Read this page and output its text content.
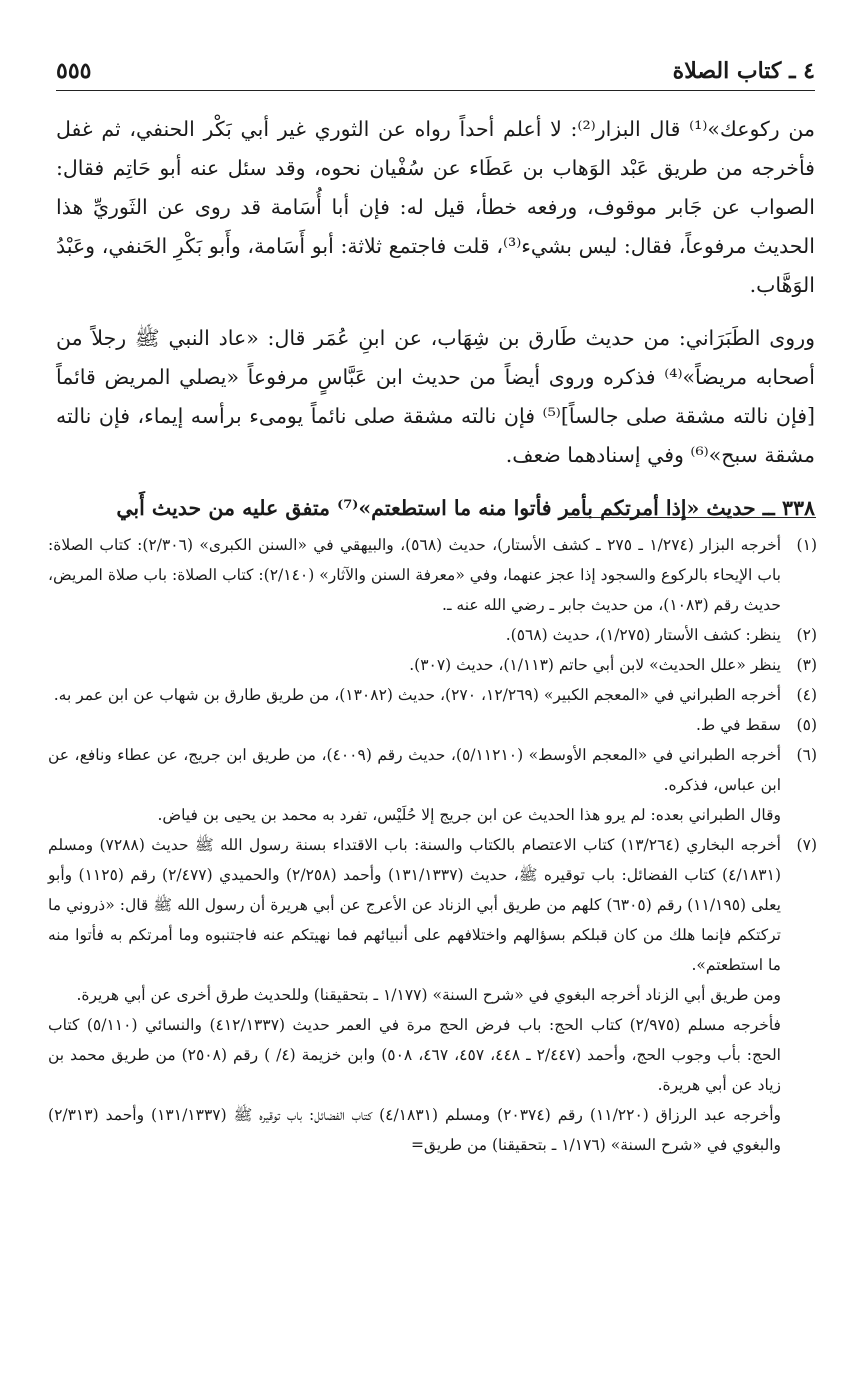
٥٥٥	٤ ـ كتاب الصلاة

من ركوعك»⁽¹⁾ قال البزار⁽²⁾: لا أعلم أحداً رواه عن الثوري غير أبي بَكْر الحنفي، ثم غفل فأخرجه من طريق عَبْد الوَهاب بن عَطَاء عن سُفْيان نحوه، وقد سئل عنه أبو حَاتِم فقال: الصواب عن جَابر موقوف، ورفعه خطأ، قيل له: فإن أبا أُسَامة قد روى عن الثَوريِّ هذا الحديث مرفوعاً، فقال: ليس بشيء⁽³⁾، قلت فاجتمع ثلاثة: أبو أَسَامة، وأَبو بَكْرِ الحَنفي، وعَبْدُ الوَهَّاب.

وروى الطَبَرَاني: من حديث طَارق بن شِهَاب، عن ابنِ عُمَر قال: «عاد النبي ﷺ رجلاً من أصحابه مريضاً»⁽⁴⁾ فذكره وروى أيضاً من حديث ابن عَبَّاسٍ مرفوعاً «يصلي المريض قائماً [فإن نالته مشقة صلى جالساً]⁽⁵⁾ فإن نالته مشقة صلى نائماً يومىء برأسه إيماء، فإن نالته مشقة سبح»⁽⁶⁾ وفي إسنادهما ضعف.

٣٣٨ ــ حديث «إذا أمرتكم بأمر فأتوا منه ما استطعتم»⁽⁷⁾ متفق عليه من حديث أَبي

(١)
أخرجه البزار (١/٢٧٤ ـ ٢٧٥ ـ كشف الأستار)، حديث (٥٦٨)، والبيهقي في «السنن الكبرى» (٢/٣٠٦): كتاب الصلاة: باب الإيحاء بالركوع والسجود إذا عجز عنهما، وفي «معرفة السنن والآثار» (٢/١٤٠): كتاب الصلاة: باب صلاة المريض، حديث رقم (١٠٨٣)، من حديث جابر ـ رضي الله عنه ـ.
(٢)
ينظر: كشف الأستار (١/٢٧٥)، حديث (٥٦٨).
(٣)
ينظر «علل الحديث» لابن أبي حاتم (١/١١٣)، حديث (٣٠٧).
(٤)
أخرجه الطبراني في «المعجم الكبير» (١٢/٢٦٩، ٢٧٠)، حديث (١٣٠٨٢)، من طريق طارق بن شهاب عن ابن عمر به.
(٥)
سقط في ط.
(٦)
أخرجه الطبراني في «المعجم الأوسط» (٥/١١٢١٠)، حديث رقم (٤٠٠٩)، من طريق ابن جريج، عن عطاء ونافع، عن ابن عباس، فذكره.
وقال الطبراني بعده: لم يرو هذا الحديث عن ابن جريج إلا حُلَيْس، تفرد به محمد بن يحيى بن فياض.
(٧)
أخرجه البخاري (١٣/٢٦٤) كتاب الاعتصام بالكتاب والسنة: باب الاقتداء بسنة رسول الله ﷺ حديث (٧٢٨٨) ومسلم (٤/١٨٣١) كتاب الفضائل: باب توقيره ﷺ، حديث (١٣١/١٣٣٧) وأحمد (٢/٢٥٨) والحميدي (٢/٤٧٧) رقم (١١٢٥) وأبو يعلى (١١/١٩٥) رقم (٦٣٠٥) كلهم من طريق أبي الزناد عن الأعرج عن أبي هريرة أن رسول الله ﷺ قال: «ذروني ما تركتكم فإنما هلك من كان قبلكم بسؤالهم واختلافهم على أنبيائهم فما نهيتكم عنه فاجتنبوه وما أمرتكم به فأتوا منه ما استطعتم».
ومن طريق أبي الزناد أخرجه البغوي في «شرح السنة» (١/١٧٧ ـ بتحقيقنا) وللحديث طرق أخرى عن أبي هريرة.
فأخرجه مسلم (٢/٩٧٥) كتاب الحج: باب فرض الحج مرة في العمر حديث (٤١٢/١٣٣٧) والنسائي (٥/١١٠) كتاب الحج: بأب وجوب الحج، وأحمد (٢/٤٤٧ ـ ٤٤٨، ٤٥٧، ٤٦٧، ٥٠٨) وابن خزيمة (٤/ ) رقم (٢٥٠٨) من طريق محمد بن زياد عن أبي هريرة.
وأخرجه عبد الرزاق (١١/٢٢٠) رقم (٢٠٣٧٤) ومسلم (٤/١٨٣١) كتاب الفضائل: باب توقيره ﷺ (١٣١/١٣٣٧) وأحمد (٢/٣١٣) والبغوي في «شرح السنة» (١/١٧٦ ـ بتحقيقنا) من طريق=
